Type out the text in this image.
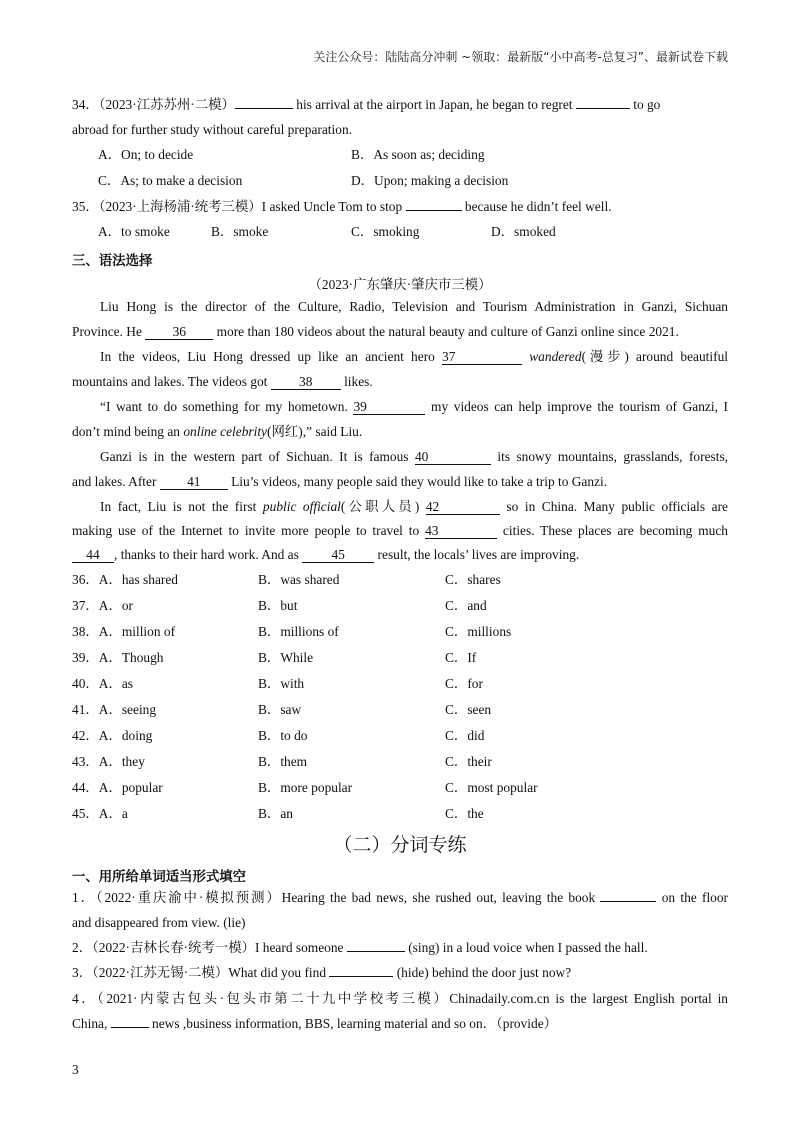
关注公众号：陆陆高分冲刺 ~领取：最新版“小中高考-总复习”、最新试卷下载
34．（2023·江苏苏州·二模）	his arrival at the airport in Japan, he began to regret	to go
abroad for further study without careful preparation.
A．On; to decide	B．As soon as; deciding
C．As; to make a decision	D．Upon; making a decision
35．（2023·上海杨浦·统考三模）I asked Uncle Tom to stop	because he didn’t feel well.
A．to smoke	B．smoke	C．smoking	D．smoked
三、语法选择
（2023·广东肇庆·肇庆市三模）
Liu Hong is the director of the Culture, Radio, Television and Tourism Administration in Ganzi, Sichuan
Province. He 36 more than 180 videos about the natural beauty and culture of Ganzi online since 2021.
In the videos, Liu Hong dressed up like an ancient hero 37	wandered(漫步) around beautiful
mountains and lakes. The videos got 38 likes.
“I want to do something for my hometown. 39	my videos can help improve the tourism of Ganzi, I
don’t mind being an online celebrity(网红),” said Liu.
Ganzi is in the western part of Sichuan. It is famous 40	its snowy mountains, grasslands, forests,
and lakes. After 41 Liu’s videos, many people said they would like to take a trip to Ganzi.
In fact, Liu is not the first public official(公职人员) 42	so in China. Many public officials are
making use of the Internet to invite more people to travel to 43	cities. These places are becoming much
44 , thanks to their hard work. And as 45 result, the locals’ lives are improving.
36．A．has shared	B．was shared	C．shares
37．A．or	B．but	C．and
38．A．million of	B．millions of	C．millions
39．A．Though	B．While	C．If
40．A．as	B．with	C．for
41．A．seeing	B．saw	C．seen
42．A．doing	B．to do	C．did
43．A．they	B．them	C．their
44．A．popular	B．more popular	C．most popular
45．A．a	B．an	C．the
（二）分词专练
一、用所给单词适当形式填空
1．（2022·重庆渝中·模拟预测）Hearing the bad news, she rushed out, leaving the book	on the floor
and disappeared from view. (lie)
2．（2022·吉林长春·统考一模）I heard someone	(sing) in a loud voice when I passed the hall.
3．（2022·江苏无锡·二模）What did you find	(hide) behind the door just now?
4．（2021·内蒙古包头·包头市第二十九中学校考三模）Chinadaily.com.cn is the largest English portal in
China,	news ,business information, BBS, learning material and so on．（provide）
3
